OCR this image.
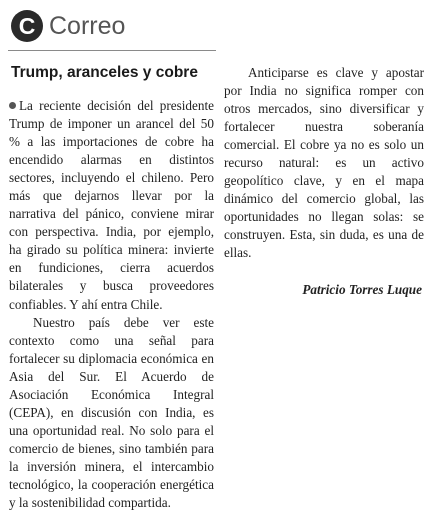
C Correo
Trump, aranceles y cobre

La reciente decisión del presidente Trump de imponer un arancel del 50 % a las importaciones de cobre ha encendido alarmas en distintos sectores, incluyendo el chileno. Pero más que dejarnos llevar por la narrativa del pánico, conviene mirar con perspectiva. India, por ejemplo, ha girado su política minera: invierte en fundiciones, cierra acuerdos bilaterales y busca proveedores confiables. Y ahí entra Chile.

Nuestro país debe ver este contexto como una señal para fortalecer su diplomacia económica en Asia del Sur. El Acuerdo de Asociación Económica Integral (CEPA), en discusión con India, es una oportunidad real. No solo para el comercio de bienes, sino también para la inversión minera, el intercambio tecnológico, la cooperación energética y la sostenibilidad compartida.

Anticiparse es clave y apostar por India no significa romper con otros mercados, sino diversificar y fortalecer nuestra soberanía comercial. El cobre ya no es solo un recurso natural: es un activo geopolítico clave, y en el mapa dinámico del comercio global, las oportunidades no llegan solas: se construyen. Esta, sin duda, es una de ellas.

Patricio Torres Luque
